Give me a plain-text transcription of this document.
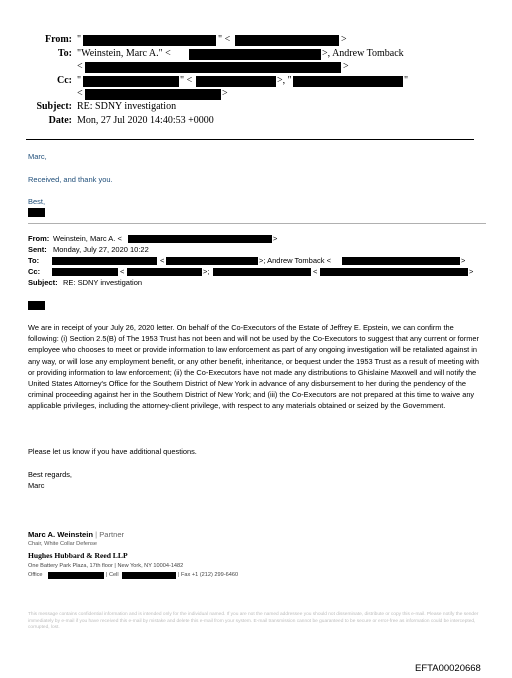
From: "	" <	>
To: "Weinstein, Marc A." <	>, Andrew Tomback
<	>
Cc: "	" <	>, "	"
<	>
Subject: RE: SDNY investigation
Date: Mon, 27 Jul 2020 14:40:53 +0000
Marc,
Received, and thank you.
Best,
From: Weinstein, Marc A. <	>
Sent: Monday, July 27, 2020 10:22
To:	<	>; Andrew Tomback <	>
Cc:	<	>;	<	>
Subject: RE: SDNY investigation
We are in receipt of your July 26, 2020 letter. On behalf of the Co-Executors of the Estate of Jeffrey E. Epstein, we can confirm the following: (i) Section 2.5(B) of The 1953 Trust has not been and will not be used by the Co-Executors to suggest that any current or former employee who chooses to meet or provide information to law enforcement as part of any ongoing investigation will be retaliated against in any way, or will lose any employment benefit, or any other benefit, inheritance, or bequest under the 1953 Trust as a result of meeting with or providing information to law enforcement; (ii) the Co-Executors have not made any distributions to Ghislaine Maxwell and will notify the United States Attorney's Office for the Southern District of New York in advance of any disbursement to her during the pendency of the criminal proceeding against her in the Southern District of New York; and (iii) the Co-Executors are not prepared at this time to waive any applicable privileges, including the attorney-client privilege, with respect to any materials obtained or seized by the Government.
Please let us know if you have additional questions.
Best regards,
Marc
Marc A. Weinstein | Partner
Chair, White Collar Defense
Hughes Hubbard & Reed LLP
One Battery Park Plaza, 17th floor | New York, NY 10004-1482
Office	| Cell	| Fax +1 (212) 299-6460
This message contains confidential information and is intended only for the individual named. If you are not the named addressee you should not disseminate, distribute or copy this e-mail. Please notify the sender immediately by e-mail if you have received this e-mail by mistake and delete this e-mail from your system. E-mail transmission cannot be guaranteed to be secure or error-free as information could be intercepted, corrupted, lost.
EFTA00020668
